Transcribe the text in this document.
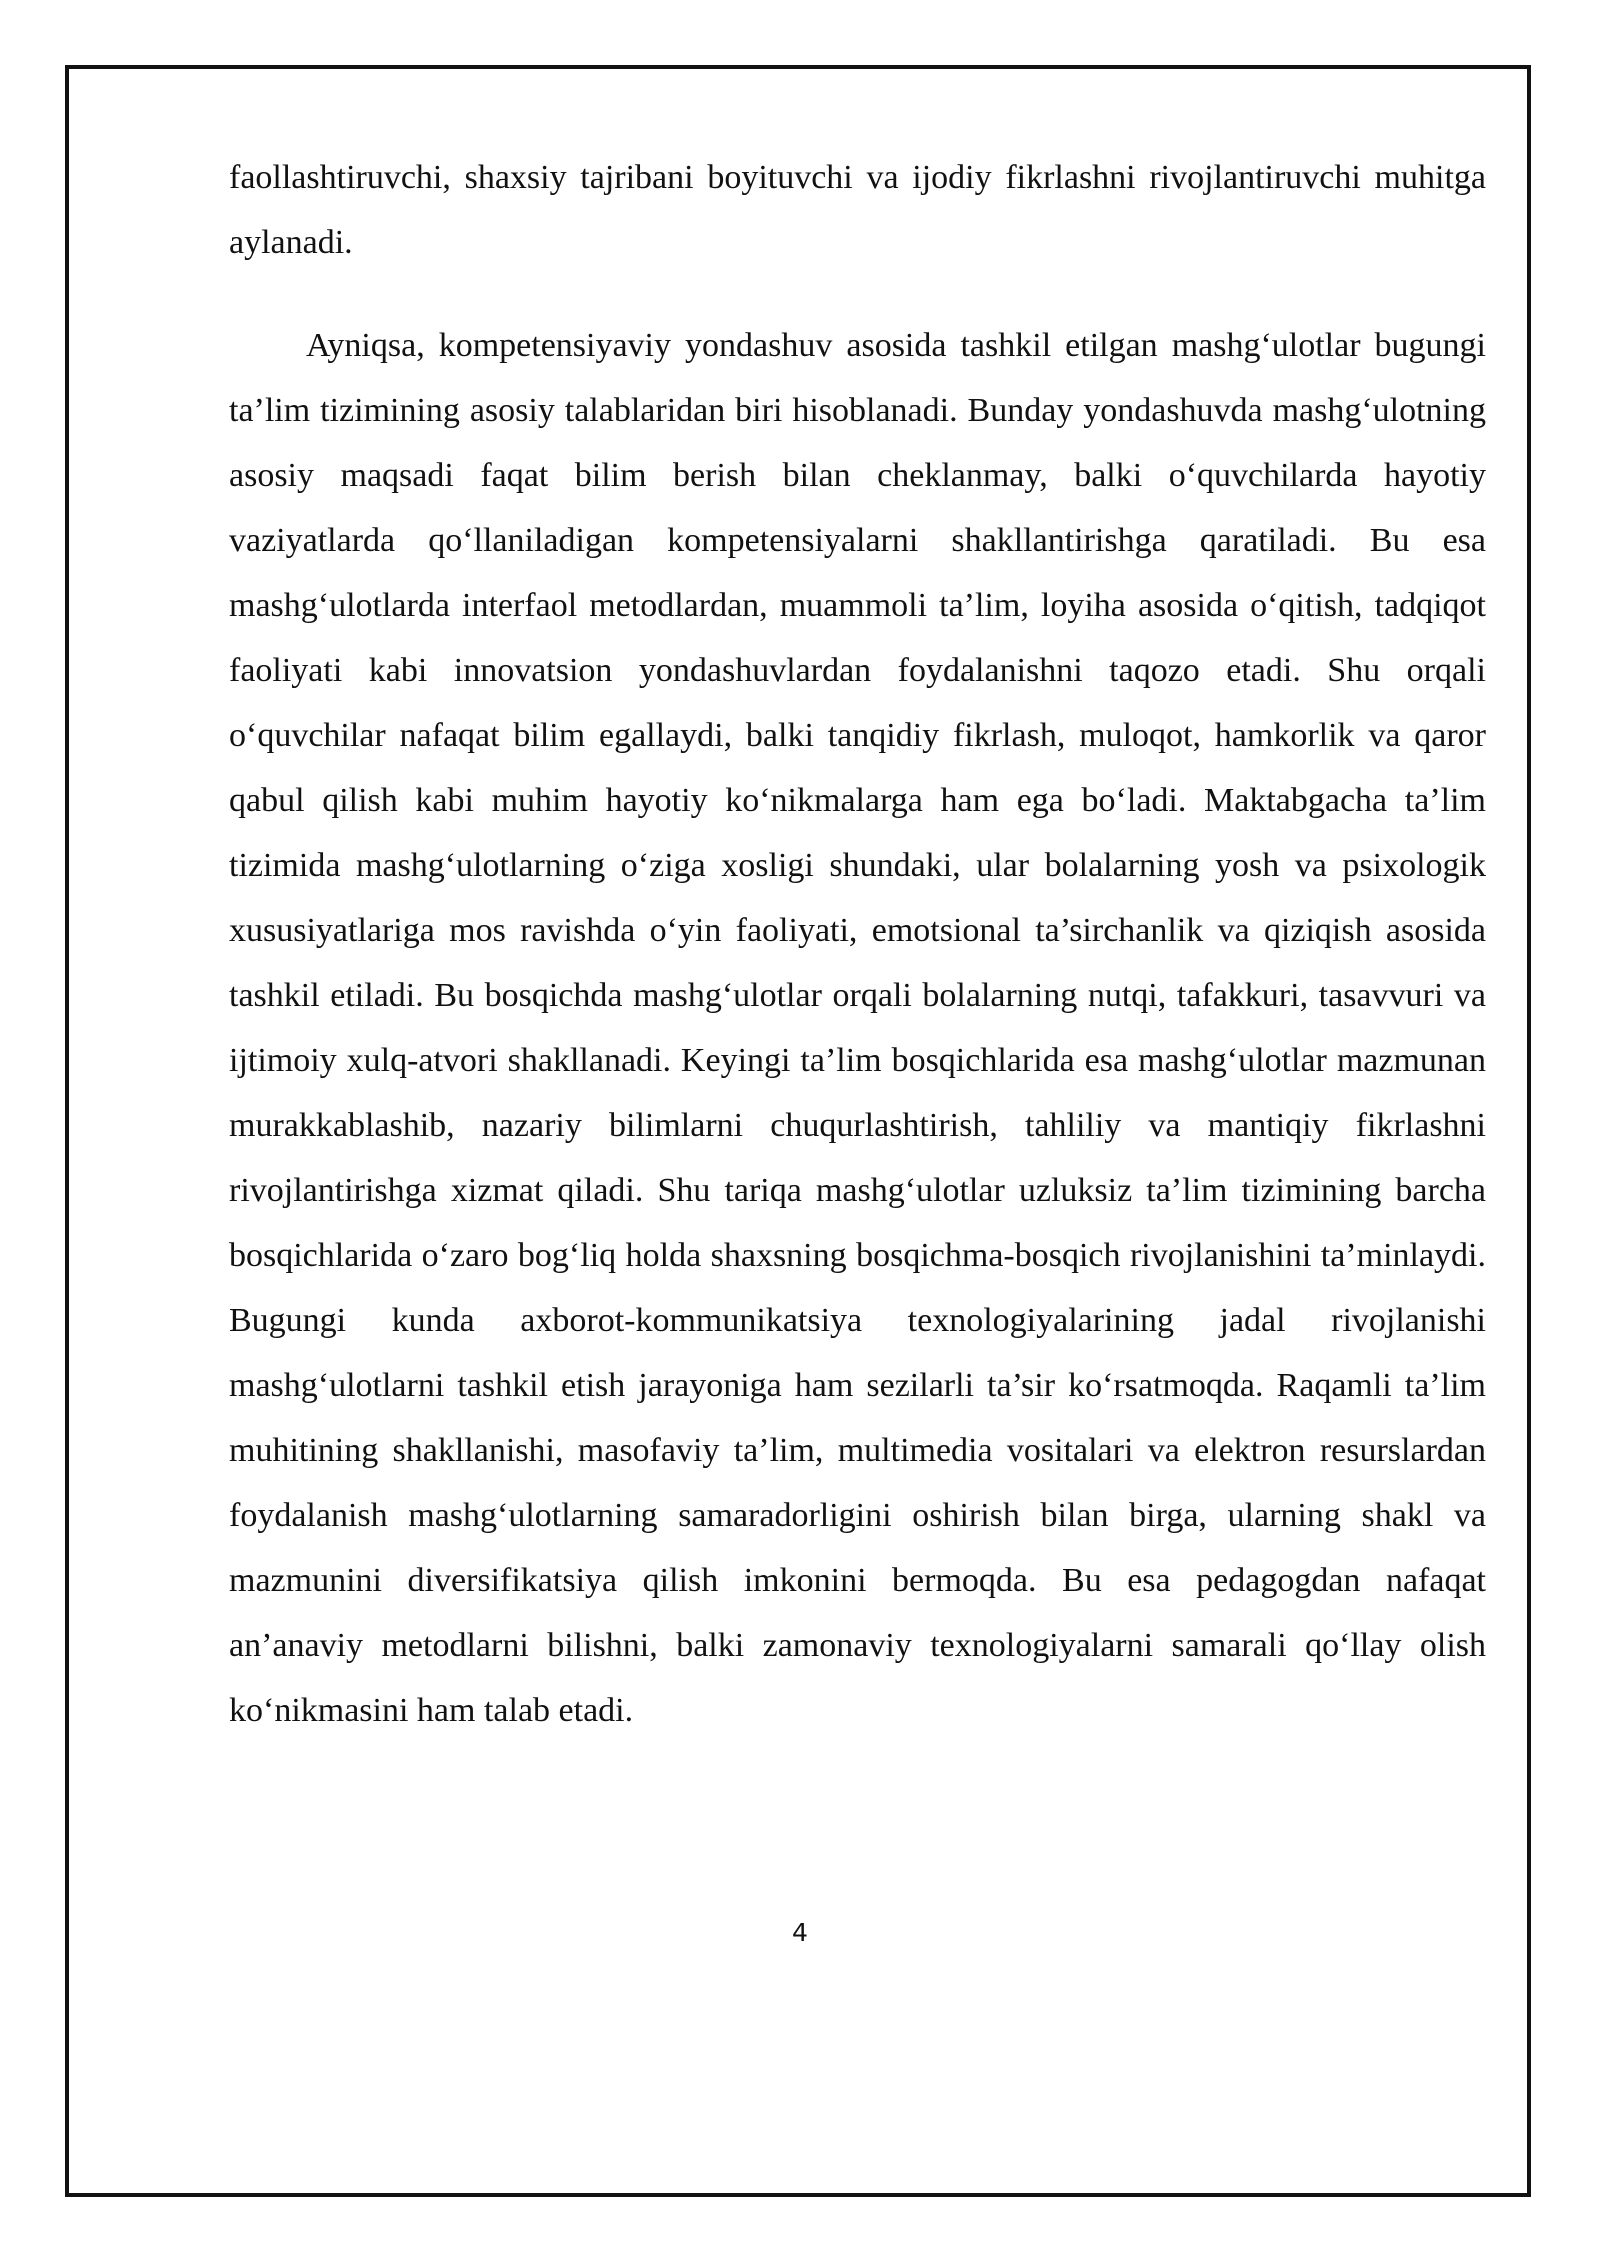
faollashtiruvchi, shaxsiy tajribani boyituvchi va ijodiy fikrlashni rivojlantiruvchi muhitga aylanadi.

Ayniqsa, kompetensiyaviy yondashuv asosida tashkil etilgan mashg‘ulotlar bugungi ta’lim tizimining asosiy talablaridan biri hisoblanadi. Bunday yondashuvda mashg‘ulotning asosiy maqsadi faqat bilim berish bilan cheklanmay, balki o‘quvchilarda hayotiy vaziyatlarda qo‘llaniladigan kompetensiyalarni shakllantirishga qaratiladi. Bu esa mashg‘ulotlarda interfaol metodlardan, muammoli ta’lim, loyiha asosida o‘qitish, tadqiqot faoliyati kabi innovatsion yondashuvlardan foydalanishni taqozo etadi. Shu orqali o‘quvchilar nafaqat bilim egallaydi, balki tanqidiy fikrlash, muloqot, hamkorlik va qaror qabul qilish kabi muhim hayotiy ko‘nikmalarga ham ega bo‘ladi. Maktabgacha ta’lim tizimida mashg‘ulotlarning o‘ziga xosligi shundaki, ular bolalarning yosh va psixologik xususiyatlariga mos ravishda o‘yin faoliyati, emotsional ta’sirchanlik va qiziqish asosida tashkil etiladi. Bu bosqichda mashg‘ulotlar orqali bolalarning nutqi, tafakkuri, tasavvuri va ijtimoiy xulq-atvori shakllanadi. Keyingi ta’lim bosqichlarida esa mashg‘ulotlar mazmunan murakkablashib, nazariy bilimlarni chuqurlashtirish, tahliliy va mantiqiy fikrlashni rivojlantirishga xizmat qiladi. Shu tariqa mashg‘ulotlar uzluksiz ta’lim tizimining barcha bosqichlarida o‘zaro bog‘liq holda shaxsning bosqichma-bosqich rivojlanishini ta’minlaydi. Bugungi kunda axborot-kommunikatsiya texnologiyalarining jadal rivojlanishi mashg‘ulotlarni tashkil etish jarayoniga ham sezilarli ta’sir ko‘rsatmoqda. Raqamli ta’lim muhitining shakllanishi, masofaviy ta’lim, multimedia vositalari va elektron resurslardan foydalanish mashg‘ulotlarning samaradorligini oshirish bilan birga, ularning shakl va mazmunini diversifikatsiya qilish imkonini bermoqda. Bu esa pedagogdan nafaqat an’anaviy metodlarni bilishni, balki zamonaviy texnologiyalarni samarali qo‘llay olish ko‘nikmasini ham talab etadi.

4
